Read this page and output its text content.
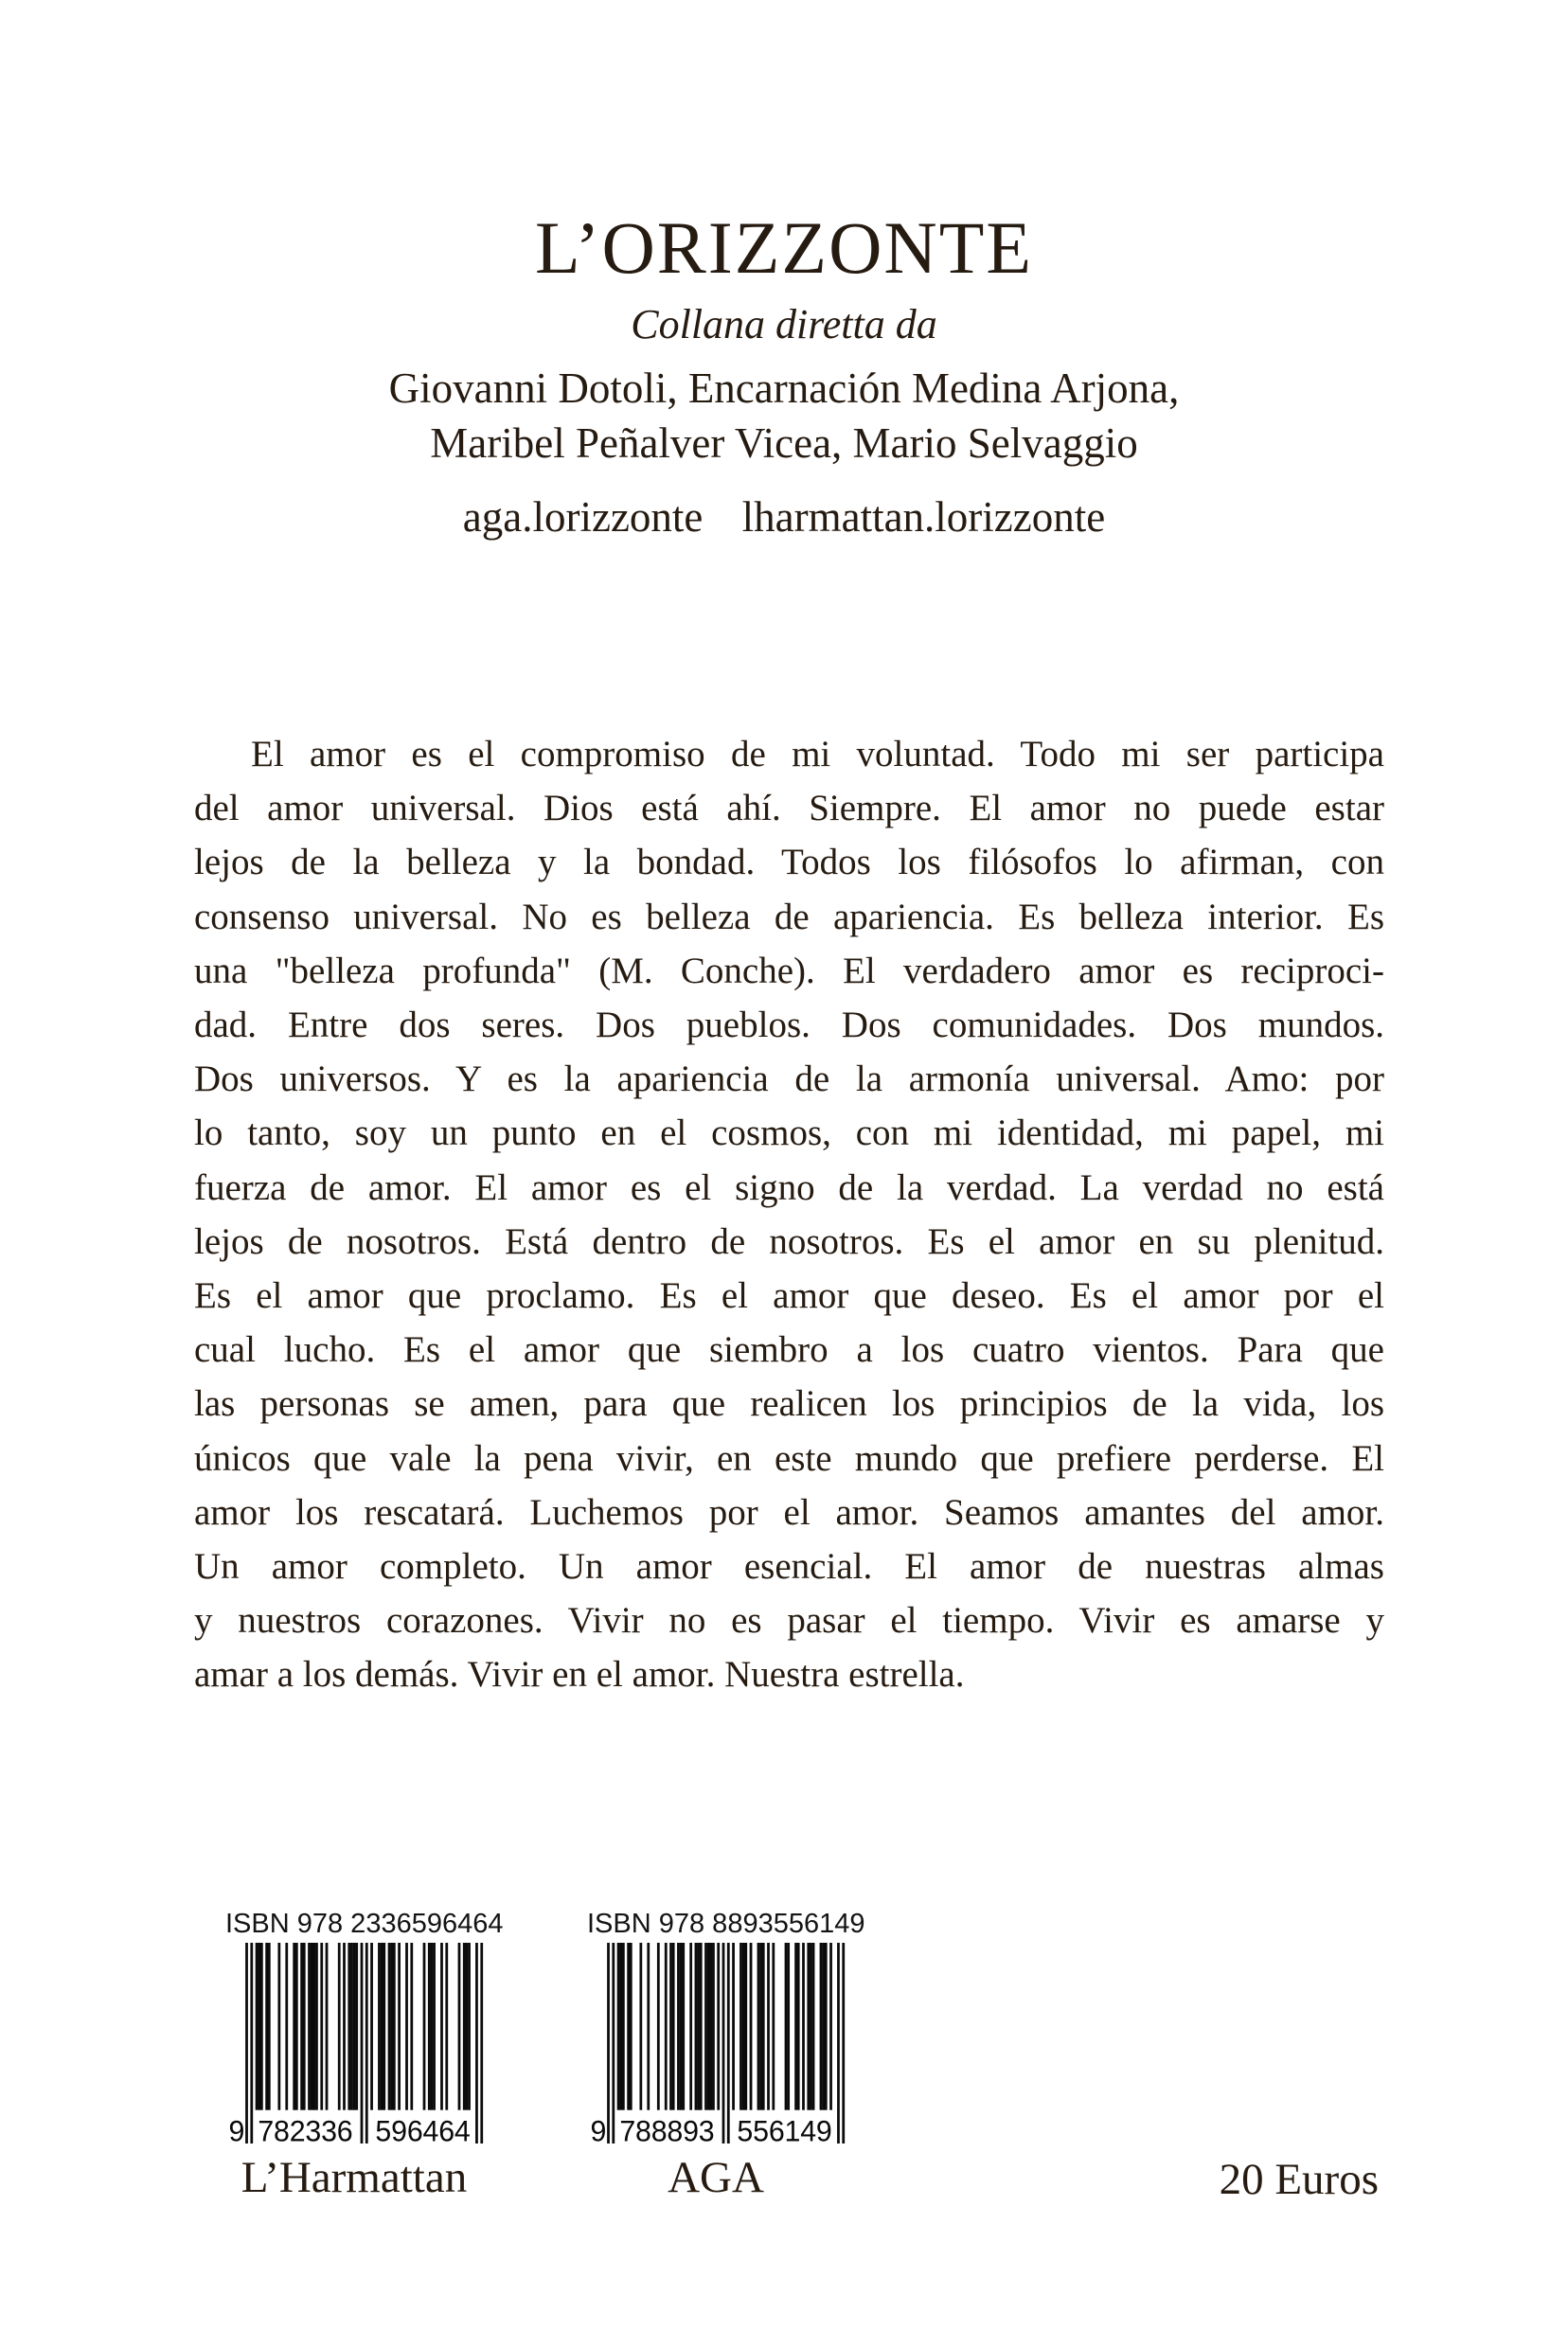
L’ORIZZONTE
Collana diretta da
Giovanni Dotoli, Encarnación Medina Arjona,
Maribel Peñalver Vicea, Mario Selvaggio
aga.lorizzonte lharmattan.lorizzonte
El amor es el compromiso de mi voluntad. Todo mi ser participa
del amor universal. Dios está ahí. Siempre. El amor no puede estar
lejos de la belleza y la bondad. Todos los filósofos lo afirman, con
consenso universal. No es belleza de apariencia. Es belleza interior. Es
una "belleza profunda" (M. Conche). El verdadero amor es reciproci-
dad. Entre dos seres. Dos pueblos. Dos comunidades. Dos mundos.
Dos universos. Y es la apariencia de la armonía universal. Amo: por
lo tanto, soy un punto en el cosmos, con mi identidad, mi papel, mi
fuerza de amor. El amor es el signo de la verdad. La verdad no está
lejos de nosotros. Está dentro de nosotros. Es el amor en su plenitud.
Es el amor que proclamo. Es el amor que deseo. Es el amor por el
cual lucho. Es el amor que siembro a los cuatro vientos. Para que
las personas se amen, para que realicen los principios de la vida, los
únicos que vale la pena vivir, en este mundo que prefiere perderse. El
amor los rescatará. Luchemos por el amor. Seamos amantes del amor.
Un amor completo. Un amor esencial. El amor de nuestras almas
y nuestros corazones. Vivir no es pasar el tiempo. Vivir es amarse y
amar a los demás. Vivir en el amor. Nuestra estrella.
ISBN 978 2336596464
9 782336 596464
L’Harmattan
ISBN 978 8893556149
9 788893 556149
AGA	20 Euros
